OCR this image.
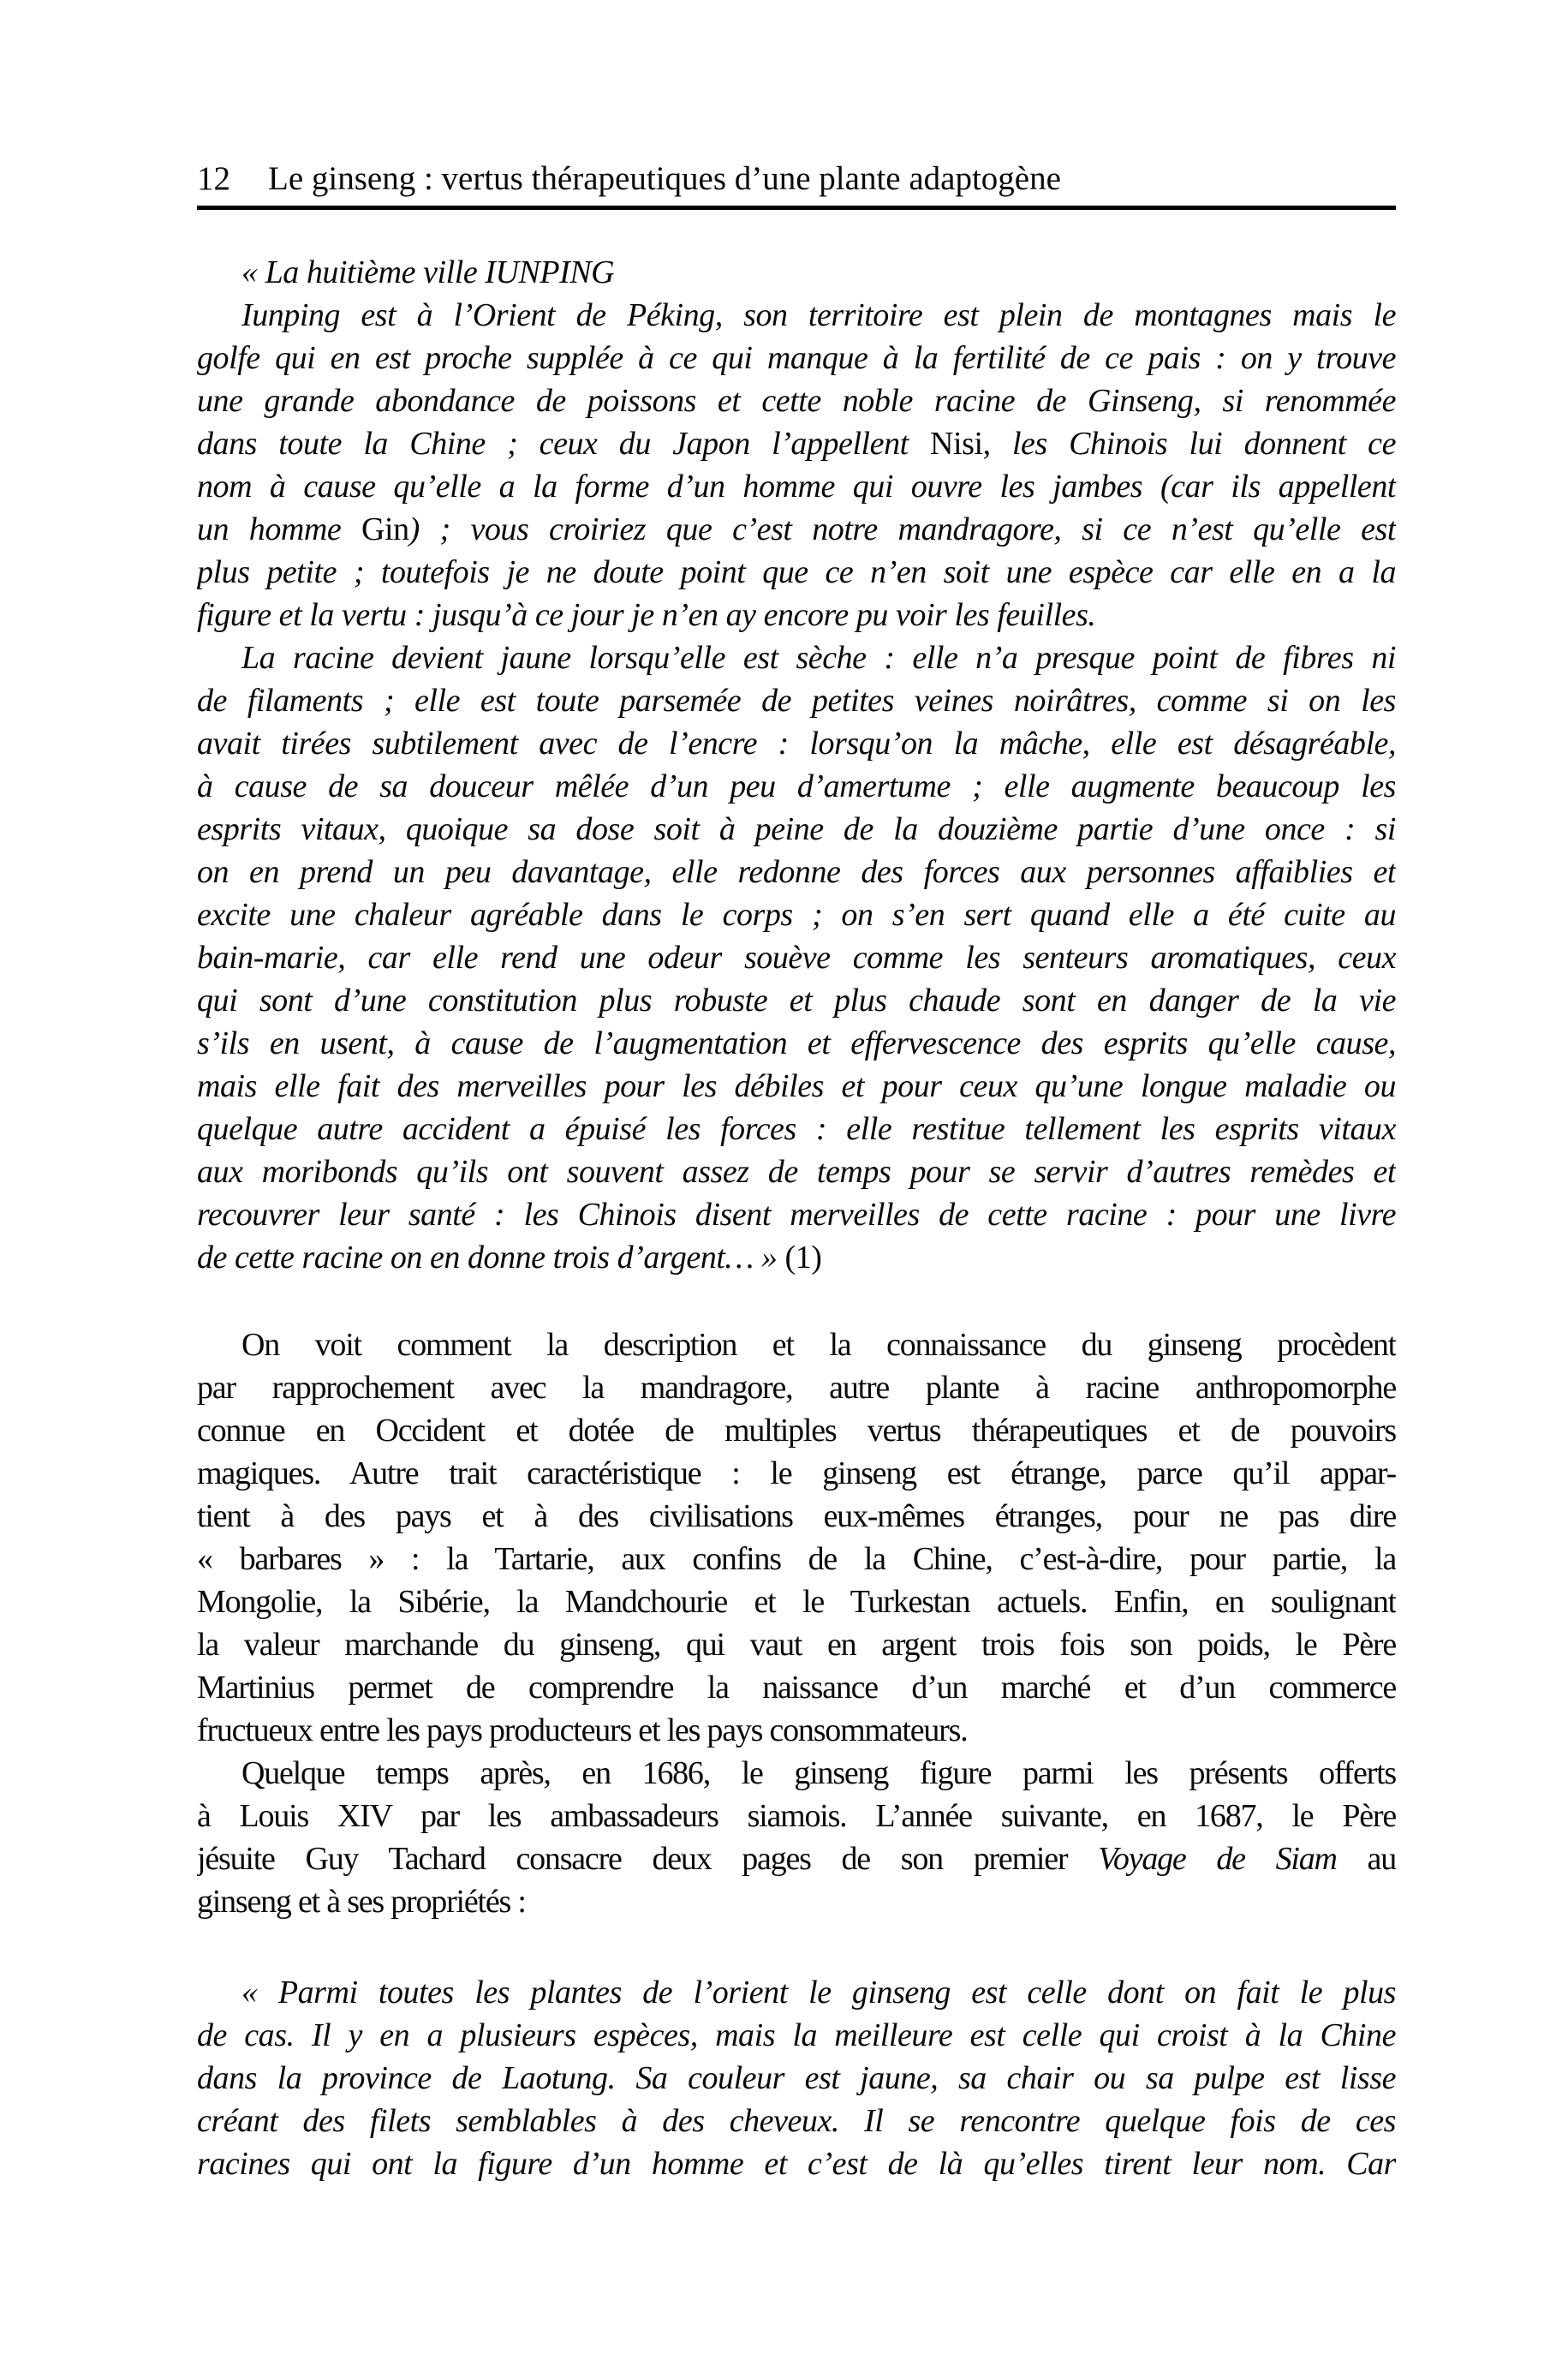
12 Le ginseng : vertus thérapeutiques d’une plante adaptogène
« La huitième ville IUNPING
Iunping est à l’Orient de Péking, son territoire est plein de montagnes mais le
golfe qui en est proche supplée à ce qui manque à la fertilité de ce pais : on y trouve
une grande abondance de poissons et cette noble racine de Ginseng, si renommée
dans toute la Chine ; ceux du Japon l’appellent Nisi, les Chinois lui donnent ce
nom à cause qu’elle a la forme d’un homme qui ouvre les jambes (car ils appellent
un homme Gin) ; vous croiriez que c’est notre mandragore, si ce n’est qu’elle est
plus petite ; toutefois je ne doute point que ce n’en soit une espèce car elle en a la
figure et la vertu : jusqu’à ce jour je n’en ay encore pu voir les feuilles.
La racine devient jaune lorsqu’elle est sèche : elle n’a presque point de fibres ni
de filaments ; elle est toute parsemée de petites veines noirâtres, comme si on les
avait tirées subtilement avec de l’encre : lorsqu’on la mâche, elle est désagréable,
à cause de sa douceur mêlée d’un peu d’amertume ; elle augmente beaucoup les
esprits vitaux, quoique sa dose soit à peine de la douzième partie d’une once : si
on en prend un peu davantage, elle redonne des forces aux personnes affaiblies et
excite une chaleur agréable dans le corps ; on s’en sert quand elle a été cuite au
bain-marie, car elle rend une odeur souève comme les senteurs aromatiques, ceux
qui sont d’une constitution plus robuste et plus chaude sont en danger de la vie
s’ils en usent, à cause de l’augmentation et effervescence des esprits qu’elle cause,
mais elle fait des merveilles pour les débiles et pour ceux qu’une longue maladie ou
quelque autre accident a épuisé les forces : elle restitue tellement les esprits vitaux
aux moribonds qu’ils ont souvent assez de temps pour se servir d’autres remèdes et
recouvrer leur santé : les Chinois disent merveilles de cette racine : pour une livre
de cette racine on en donne trois d’argent… » (1)
On voit comment la description et la connaissance du ginseng procèdent
par rapprochement avec la mandragore, autre plante à racine anthropomorphe
connue en Occident et dotée de multiples vertus thérapeutiques et de pouvoirs
magiques. Autre trait caractéristique : le ginseng est étrange, parce qu’il appar-
tient à des pays et à des civilisations eux-mêmes étranges, pour ne pas dire
« barbares » : la Tartarie, aux confins de la Chine, c’est-à-dire, pour partie, la
Mongolie, la Sibérie, la Mandchourie et le Turkestan actuels. Enfin, en soulignant
la valeur marchande du ginseng, qui vaut en argent trois fois son poids, le Père
Martinius permet de comprendre la naissance d’un marché et d’un commerce
fructueux entre les pays producteurs et les pays consommateurs.
Quelque temps après, en 1686, le ginseng figure parmi les présents offerts
à Louis XIV par les ambassadeurs siamois. L’année suivante, en 1687, le Père
jésuite Guy Tachard consacre deux pages de son premier Voyage de Siam au
ginseng et à ses propriétés :
« Parmi toutes les plantes de l’orient le ginseng est celle dont on fait le plus
de cas. Il y en a plusieurs espèces, mais la meilleure est celle qui croist à la Chine
dans la province de Laotung. Sa couleur est jaune, sa chair ou sa pulpe est lisse
créant des filets semblables à des cheveux. Il se rencontre quelque fois de ces
racines qui ont la figure d’un homme et c’est de là qu’elles tirent leur nom. Car
